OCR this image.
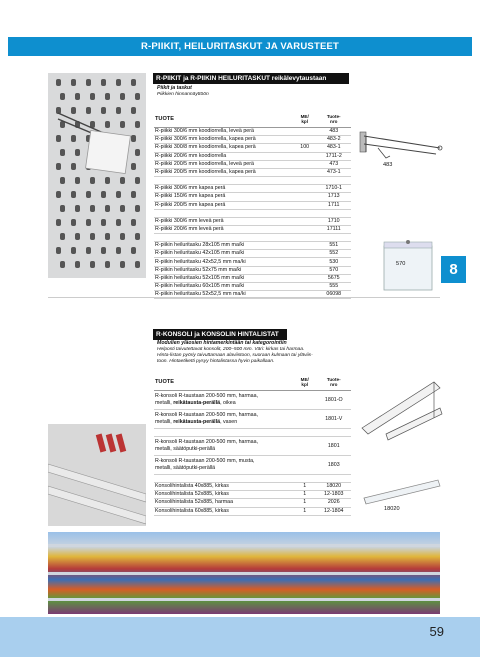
R-PIIKIT, HEILURITASKUT JA VARUSTEET
R-PIIKIT ja R-PIIKIN HEILURITASKUT reikälevytaustaan
Piikit ja taskut
Piikkien hinnannäyttöön
TUOTE	ME/
kpl	Tuote-
nro
R-piikki 300/6 mm koodiorrella, leveä perä		483
R-piikki 300/6 mm koodiorrella, kapea perä		483-2
R-piikki 300/8 mm koodiorrella, kapea perä	100	483-1
R-piikki 200/6 mm koodiorrella		1711-2
R-piikki 200/5 mm koodiorrella, leveä perä		473
R-piikki 200/5 mm koodiorrella, kapea perä		473-1

R-piikki 300/6 mm kapea perä		1710-1
R-piikki 150/6 mm kapea perä		1713
R-piikki 200/5 mm kapea perä		1711

R-piikki 300/6 mm leveä perä		1710
R-piikki 200/6 mm leveä perä		17111

R-piikin heiluritasku 28x105 mm ma/ki		551
R-piikin heiluritasku 42x105 mm ma/ki		552
R-piikin heiluritasku 42x52,5 mm ma/ki		530
R-piikin heiluritasku 52x75 mm ma/ki		570
R-piikin heiluritasku 52x105 mm ma/ki		5675
R-piikin heiluritasku 60x105 mm ma/ki		555
R-piikin heiluritasku 52x52,5 mm ma/ki		06098
483
570	8
R-KONSOLI ja KONSOLIN HINTALISTAT
Modulien yläosien hintamerkintään tai kategorointiin
Helposti taivutettavat konsolit, 200–500 mm. Väri: kirkas tai harmaa.
Hinta-listan pyöriy taivuttamaan alaviistoon, suoraan kulmaan tai yläviis-
toon. Hintaetiketti pysyy hintalistassa hyvin paikallaan.
TUOTE	ME/
kpl	Tuote-
nro

R-konsoli R-taustaan 200-500 mm, harmaa,
metalli, reikätausta-perällä, oikea		1801-O

R-konsoli R-taustaan 200-500 mm, harmaa,
metalli, reikätausta-perällä, vasen		1801-V

R-konsoli R-taustaan 200-500 mm, harmaa,
metalli, säätöputki-perällä		1801

R-konsoli R-taustaan 200-500 mm, musta,
metalli, säätöputki-perällä		1803

Konsolihintalista 40x885, kirkas	1	18020
Konsolihintalista 52x885, kirkas	1	12-1803
Konsolihintalista 52x885, harmaa	1	2026
Konsolihintalista 60x885, kirkas	1	12-1804	18020
59
